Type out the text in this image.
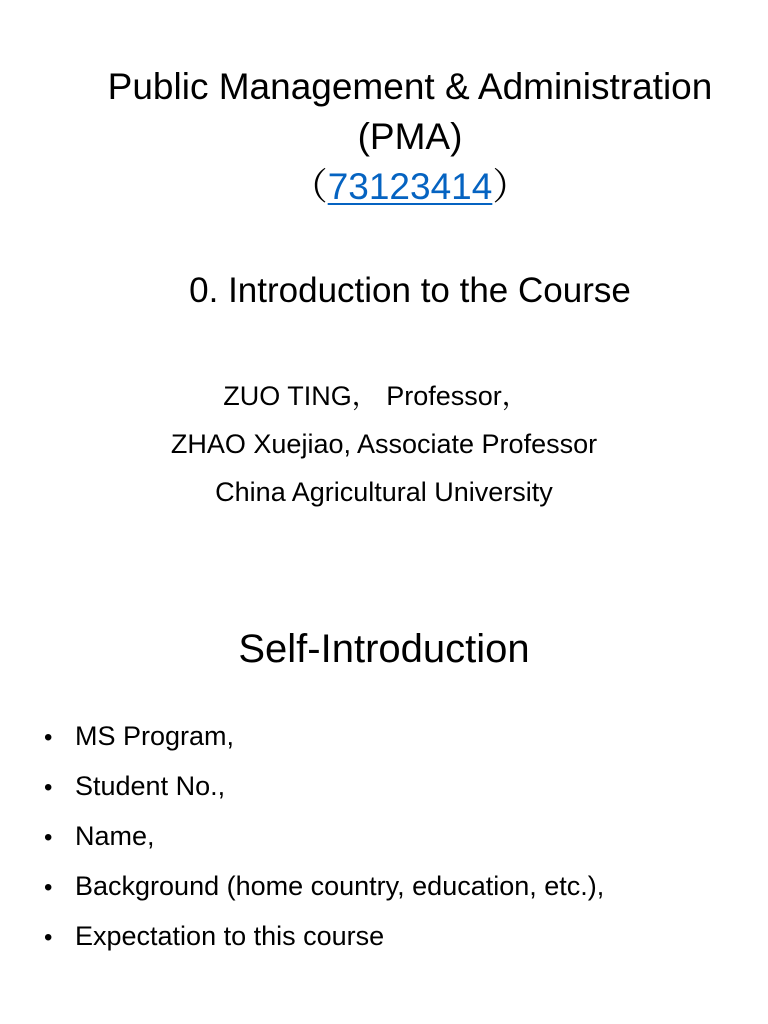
Public Management & Administration
(PMA)
（73123414）
0. Introduction to the Course
ZUO TING， Professor，
ZHAO Xuejiao, Associate Professor
China Agricultural University
Self-Introduction
• MS Program,
• Student No.,
• Name,
• Background (home country, education, etc.),
• Expectation to this course
